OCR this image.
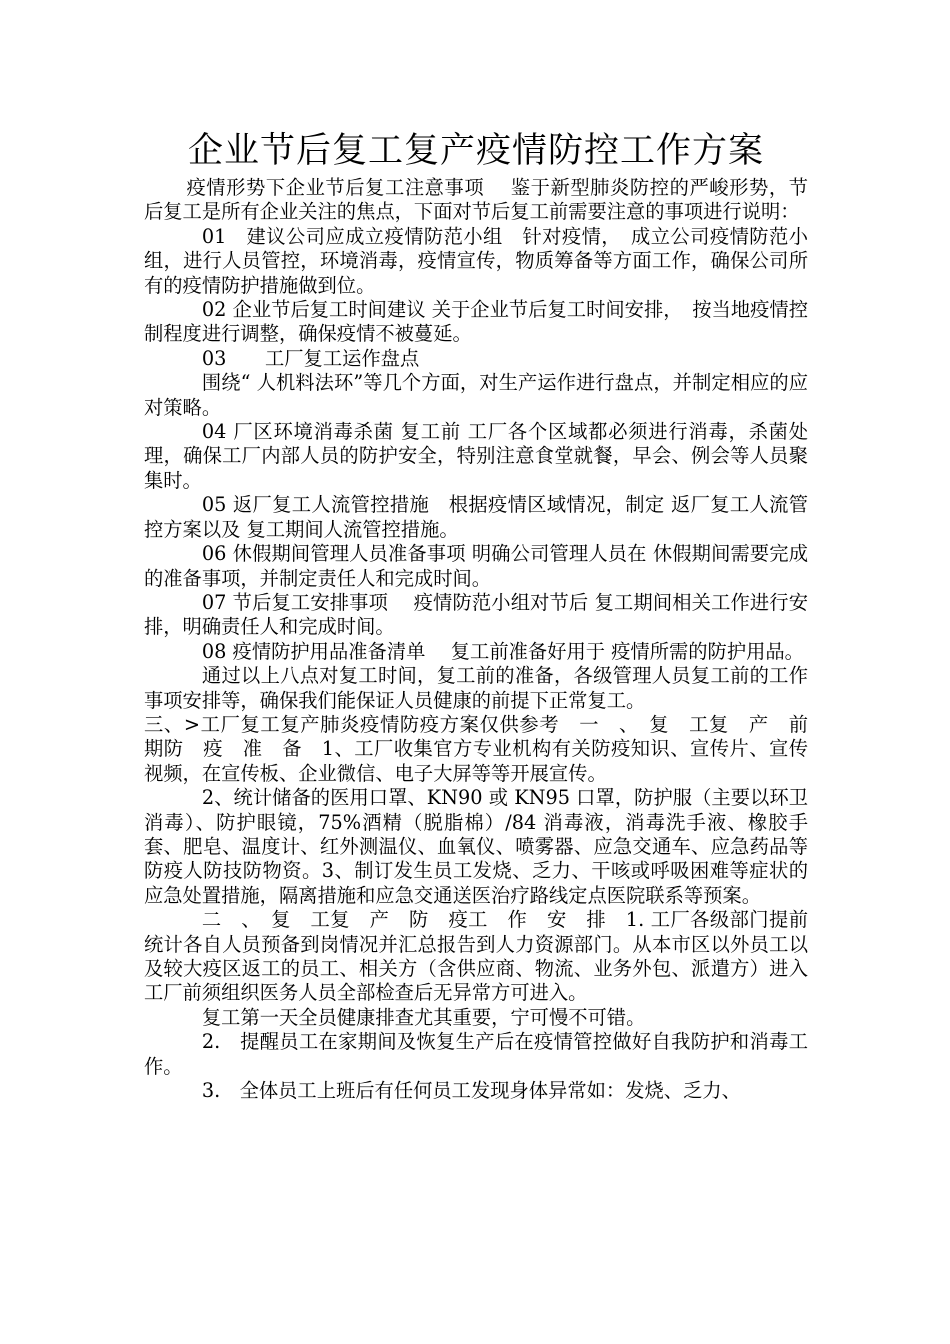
企业节后复工复产疫情防控工作方案

疫情形势下企业节后复工注意事项　 鉴于新型肺炎防控的严峻形势，节后复工是所有企业关注的焦点，下面对节后复工前需要注意的事项进行说明：

01　建议公司应成立疫情防范小组　针对疫情，　成立公司疫情防范小组，进行人员管控，环境消毒，疫情宣传，物质筹备等方面工作，确保公司所有的疫情防护措施做到位。

02 企业节后复工时间建议 关于企业节后复工时间安排，　按当地疫情控制程度进行调整，确保疫情不被蔓延。

03　　工厂复工运作盘点

围绕“ 人机料法环”等几个方面，对生产运作进行盘点，并制定相应的应对策略。

04 厂区环境消毒杀菌 复工前 工厂各个区域都必须进行消毒，杀菌处理，确保工厂内部人员的防护安全，特别注意食堂就餐，早会、例会等人员聚集时。

05 返厂复工人流管控措施　根据疫情区域情况，制定 返厂复工人流管控方案以及 复工期间人流管控措施。

06 休假期间管理人员准备事项 明确公司管理人员在 休假期间需要完成的准备事项，并制定责任人和完成时间。

07 节后复工安排事项　 疫情防范小组对节后 复工期间相关工作进行安排，明确责任人和完成时间。

08 疫情防护用品准备清单　 复工前准备好用于 疫情所需的防护用品。

通过以上八点对复工时间，复工前的准备，各级管理人员复工前的工作事项安排等，确保我们能保证人员健康的前提下正常复工。

三、>工厂复工复产肺炎疫情防疫方案仅供参考　一　、　复　工复　产　前　期防　疫　准　备　1、工厂收集官方专业机构有关防疫知识、宣传片、宣传视频，在宣传板、企业微信、电子大屏等等开展宣传。

2、统计储备的医用口罩、KN90 或 KN95 口罩，防护服（主要以环卫消毒）、防护眼镜，75%酒精（脱脂棉）/84 消毒液，消毒洗手液、橡胶手套、肥皂、温度计、红外测温仪、血氧仪、喷雾器、应急交通车、应急药品等防疫人防技防物资。3、制订发生员工发烧、乏力、干咳或呼吸困难等症状的应急处置措施，隔离措施和应急交通送医治疗路线定点医院联系等预案。

二　、　复　工复　产　防　疫工　作　安　排　1. 工厂各级部门提前统计各自人员预备到岗情况并汇总报告到人力资源部门。从本市区以外员工以及较大疫区返工的员工、相关方（含供应商、物流、业务外包、派遣方）进入工厂前须组织医务人员全部检查后无异常方可进入。

复工第一天全员健康排查尤其重要，宁可慢不可错。

2.　提醒员工在家期间及恢复生产后在疫情管控做好自我防护和消毒工作。

3.　全体员工上班后有任何员工发现身体异常如：发烧、乏力、
